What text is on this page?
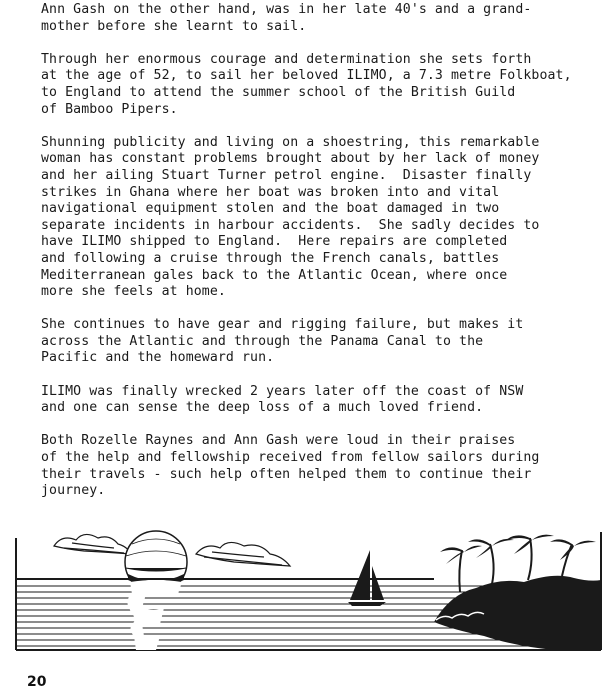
Ann Gash on the other hand, was in her late 40's and a grand-
mother before she learnt to sail.

Through her enormous courage and determination she sets forth
at the age of 52, to sail her beloved ILIMO, a 7.3 metre Folkboat,
to England to attend the summer school of the British Guild
of Bamboo Pipers.

Shunning publicity and living on a shoestring, this remarkable
woman has constant problems brought about by her lack of money
and her ailing Stuart Turner petrol engine.  Disaster finally
strikes in Ghana where her boat was broken into and vital
navigational equipment stolen and the boat damaged in two
separate incidents in harbour accidents.  She sadly decides to
have ILIMO shipped to England.  Here repairs are completed
and following a cruise through the French canals, battles
Mediterranean gales back to the Atlantic Ocean, where once
more she feels at home.

She continues to have gear and rigging failure, but makes it
across the Atlantic and through the Panama Canal to the
Pacific and the homeward run.

ILIMO was finally wrecked 2 years later off the coast of NSW
and one can sense the deep loss of a much loved friend.

Both Rozelle Raynes and Ann Gash were loud in their praises
of the help and fellowship received from fellow sailors during
their travels - such help often helped them to continue their
journey.

20
